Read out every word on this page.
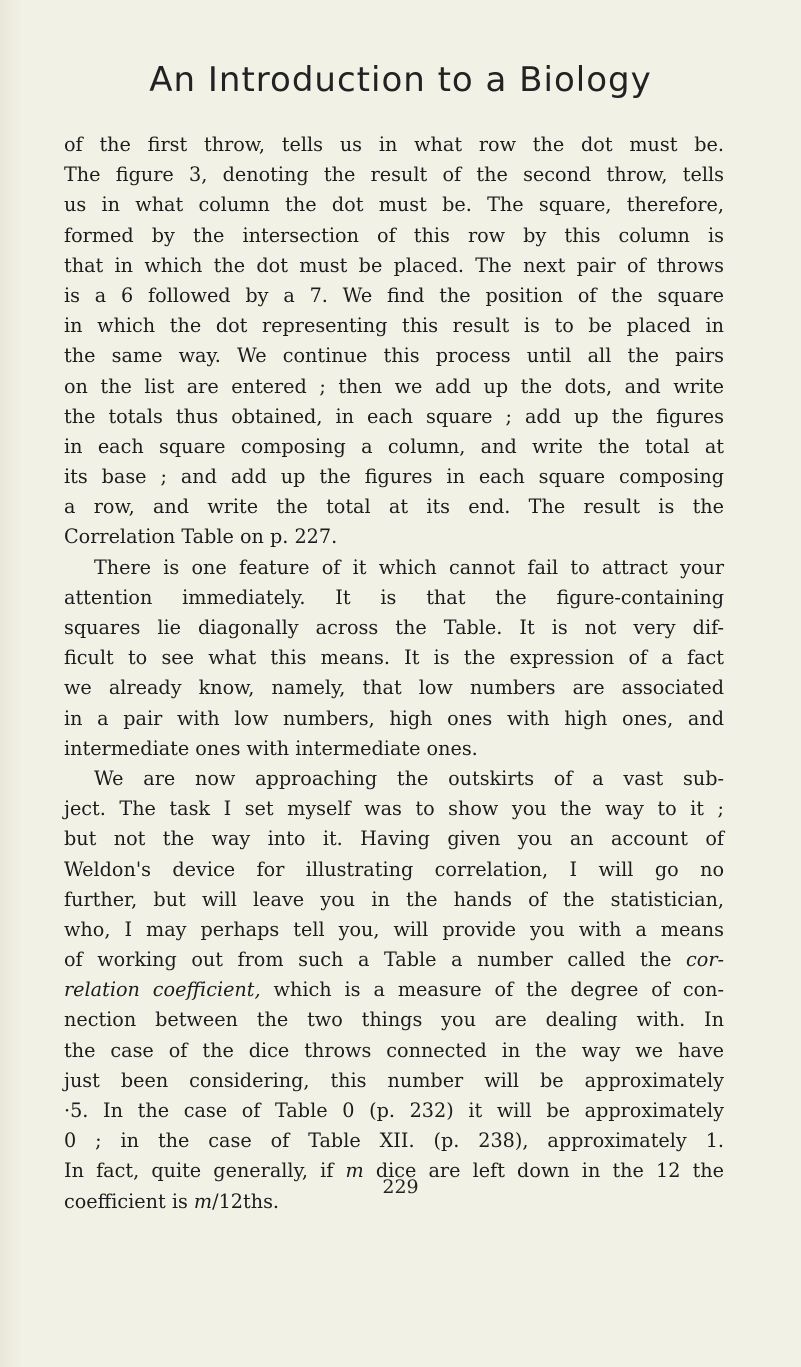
An Introduction to a Biology
of the first throw, tells us in what row the dot must be.
The figure 3, denoting the result of the second throw, tells
us in what column the dot must be. The square, therefore,
formed by the intersection of this row by this column is
that in which the dot must be placed. The next pair of throws
is a 6 followed by a 7. We find the position of the square
in which the dot representing this result is to be placed in
the same way. We continue this process until all the pairs
on the list are entered ; then we add up the dots, and write
the totals thus obtained, in each square ; add up the figures
in each square composing a column, and write the total at
its base ; and add up the figures in each square composing
a row, and write the total at its end. The result is the
Correlation Table on p. 227.
There is one feature of it which cannot fail to attract your
attention immediately. It is that the figure-containing
squares lie diagonally across the Table. It is not very dif-
ficult to see what this means. It is the expression of a fact
we already know, namely, that low numbers are associated
in a pair with low numbers, high ones with high ones, and
intermediate ones with intermediate ones.
We are now approaching the outskirts of a vast sub-
ject. The task I set myself was to show you the way to it ;
but not the way into it. Having given you an account of
Weldon's device for illustrating correlation, I will go no
further, but will leave you in the hands of the statistician,
who, I may perhaps tell you, will provide you with a means
of working out from such a Table a number called the cor-
relation coefficient, which is a measure of the degree of con-
nection between the two things you are dealing with. In
the case of the dice throws connected in the way we have
just been considering, this number will be approximately
·5. In the case of Table 0 (p. 232) it will be approximately
0 ; in the case of Table XII. (p. 238), approximately 1.
In fact, quite generally, if m dice are left down in the 12 the
coefficient is m/12ths.
229
